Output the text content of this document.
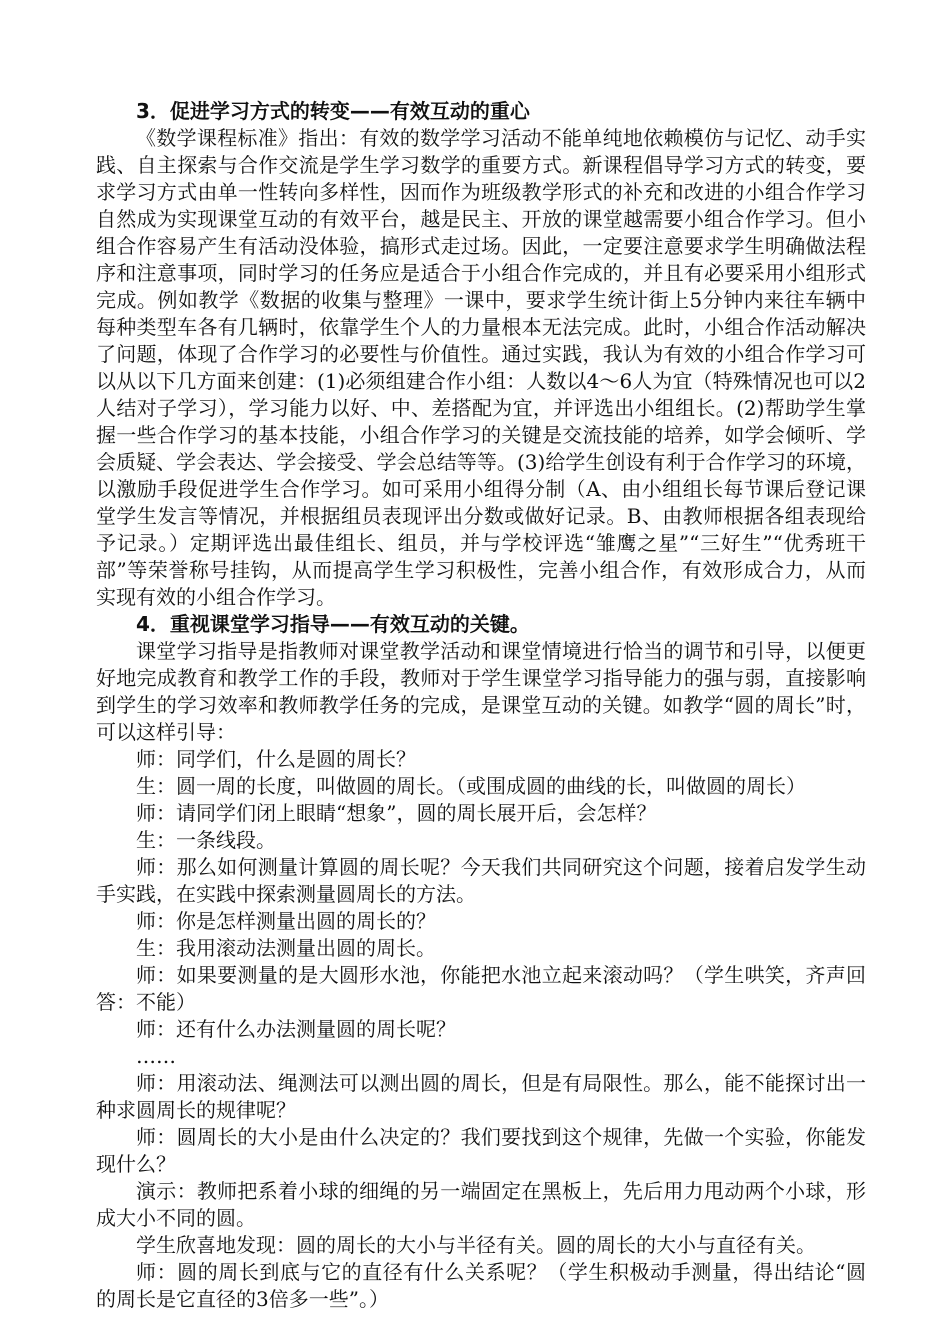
3．促进学习方式的转变——有效互动的重心

《数学课程标准》指出：有效的数学学习活动不能单纯地依赖模仿与记忆、动手实践、自主探索与合作交流是学生学习数学的重要方式。新课程倡导学习方式的转变，要求学习方式由单一性转向多样性，因而作为班级教学形式的补充和改进的小组合作学习自然成为实现课堂互动的有效平台，越是民主、开放的课堂越需要小组合作学习。但小组合作容易产生有活动没体验，搞形式走过场。因此，一定要注意要求学生明确做法程序和注意事项，同时学习的任务应是适合于小组合作完成的，并且有必要采用小组形式完成。例如教学《数据的收集与整理》一课中，要求学生统计街上5分钟内来往车辆中每种类型车各有几辆时，依靠学生个人的力量根本无法完成。此时，小组合作活动解决了问题，体现了合作学习的必要性与价值性。通过实践，我认为有效的小组合作学习可以从以下几方面来创建：(1)必须组建合作小组：人数以4～6人为宜（特殊情况也可以2人结对子学习），学习能力以好、中、差搭配为宜，并评选出小组组长。(2)帮助学生掌握一些合作学习的基本技能，小组合作学习的关键是交流技能的培养，如学会倾听、学会质疑、学会表达、学会接受、学会总结等等。(3)给学生创设有利于合作学习的环境，以激励手段促进学生合作学习。如可采用小组得分制（A、由小组组长每节课后登记课堂学生发言等情况，并根据组员表现评出分数或做好记录。B、由教师根据各组表现给予记录。）定期评选出最佳组长、组员，并与学校评选“雏鹰之星”“三好生”“优秀班干部”等荣誉称号挂钩，从而提高学生学习积极性，完善小组合作，有效形成合力，从而实现有效的小组合作学习。

4．重视课堂学习指导——有效互动的关键。

课堂学习指导是指教师对课堂教学活动和课堂情境进行恰当的调节和引导，以便更好地完成教育和教学工作的手段，教师对于学生课堂学习指导能力的强与弱，直接影响到学生的学习效率和教师教学任务的完成，是课堂互动的关键。如教学“圆的周长”时，可以这样引导：

师：同学们，什么是圆的周长？

生：圆一周的长度，叫做圆的周长。（或围成圆的曲线的长，叫做圆的周长）

师：请同学们闭上眼睛“想象”，圆的周长展开后，会怎样？

生：一条线段。

师：那么如何测量计算圆的周长呢？今天我们共同研究这个问题，接着启发学生动手实践，在实践中探索测量圆周长的方法。

师：你是怎样测量出圆的周长的？

生：我用滚动法测量出圆的周长。

师：如果要测量的是大圆形水池，你能把水池立起来滚动吗？（学生哄笑，齐声回答：不能）

师：还有什么办法测量圆的周长呢？

……

师：用滚动法、绳测法可以测出圆的周长，但是有局限性。那么，能不能探讨出一种求圆周长的规律呢？

师：圆周长的大小是由什么决定的？我们要找到这个规律，先做一个实验，你能发现什么？

演示：教师把系着小球的细绳的另一端固定在黑板上，先后用力甩动两个小球，形成大小不同的圆。

学生欣喜地发现：圆的周长的大小与半径有关。圆的周长的大小与直径有关。

师：圆的周长到底与它的直径有什么关系呢？（学生积极动手测量，得出结论“圆的周长是它直径的3倍多一些”。）
